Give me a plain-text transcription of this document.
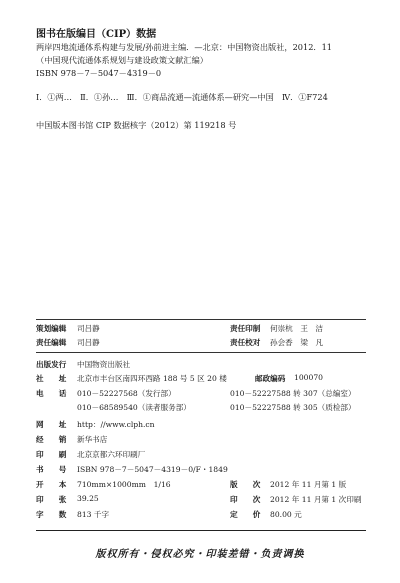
图书在版编目（CIP）数据
两岸四地流通体系构建与发展/孙前进主编．—北京：中国物资出版社，2012．11
（中国现代流通体系规划与建设政策文献汇编）
ISBN 978－7－5047－4319－0
Ⅰ．①两…　Ⅱ．①孙…　Ⅲ．①商品流通—流通体系—研究—中国　Ⅳ．①F724
中国版本图书馆 CIP 数据核字（2012）第 119218 号
策划编辑 司吕静	责任印制 何崇杭　王　洁
责任编辑 司吕静	责任校对 孙会香　梁　凡
出版发行 中国物资出版社
社　　址 北京市丰台区南四环西路 188 号 5 区 20 楼	邮政编码 100070
电　　话 010－52227568（发行部）	010－52227588 转 307（总编室）
010－68589540（读者服务部）	010－52227588 转 305（质检部）
网　　址 http：//www.clph.cn
经　　销 新华书店
印　　刷 北京京都六环印刷厂
书　　号 ISBN 978－7－5047－4319－0/F・1849
开　　本 710mm×1000mm　1/16	版　　次 2012 年 11 月第 1 版
印　　张 39.25	印　　次 2012 年 11 月第 1 次印刷
字　　数 813 千字	定　　价 80.00 元
版权所有・侵权必究・印装差错・负责调换
